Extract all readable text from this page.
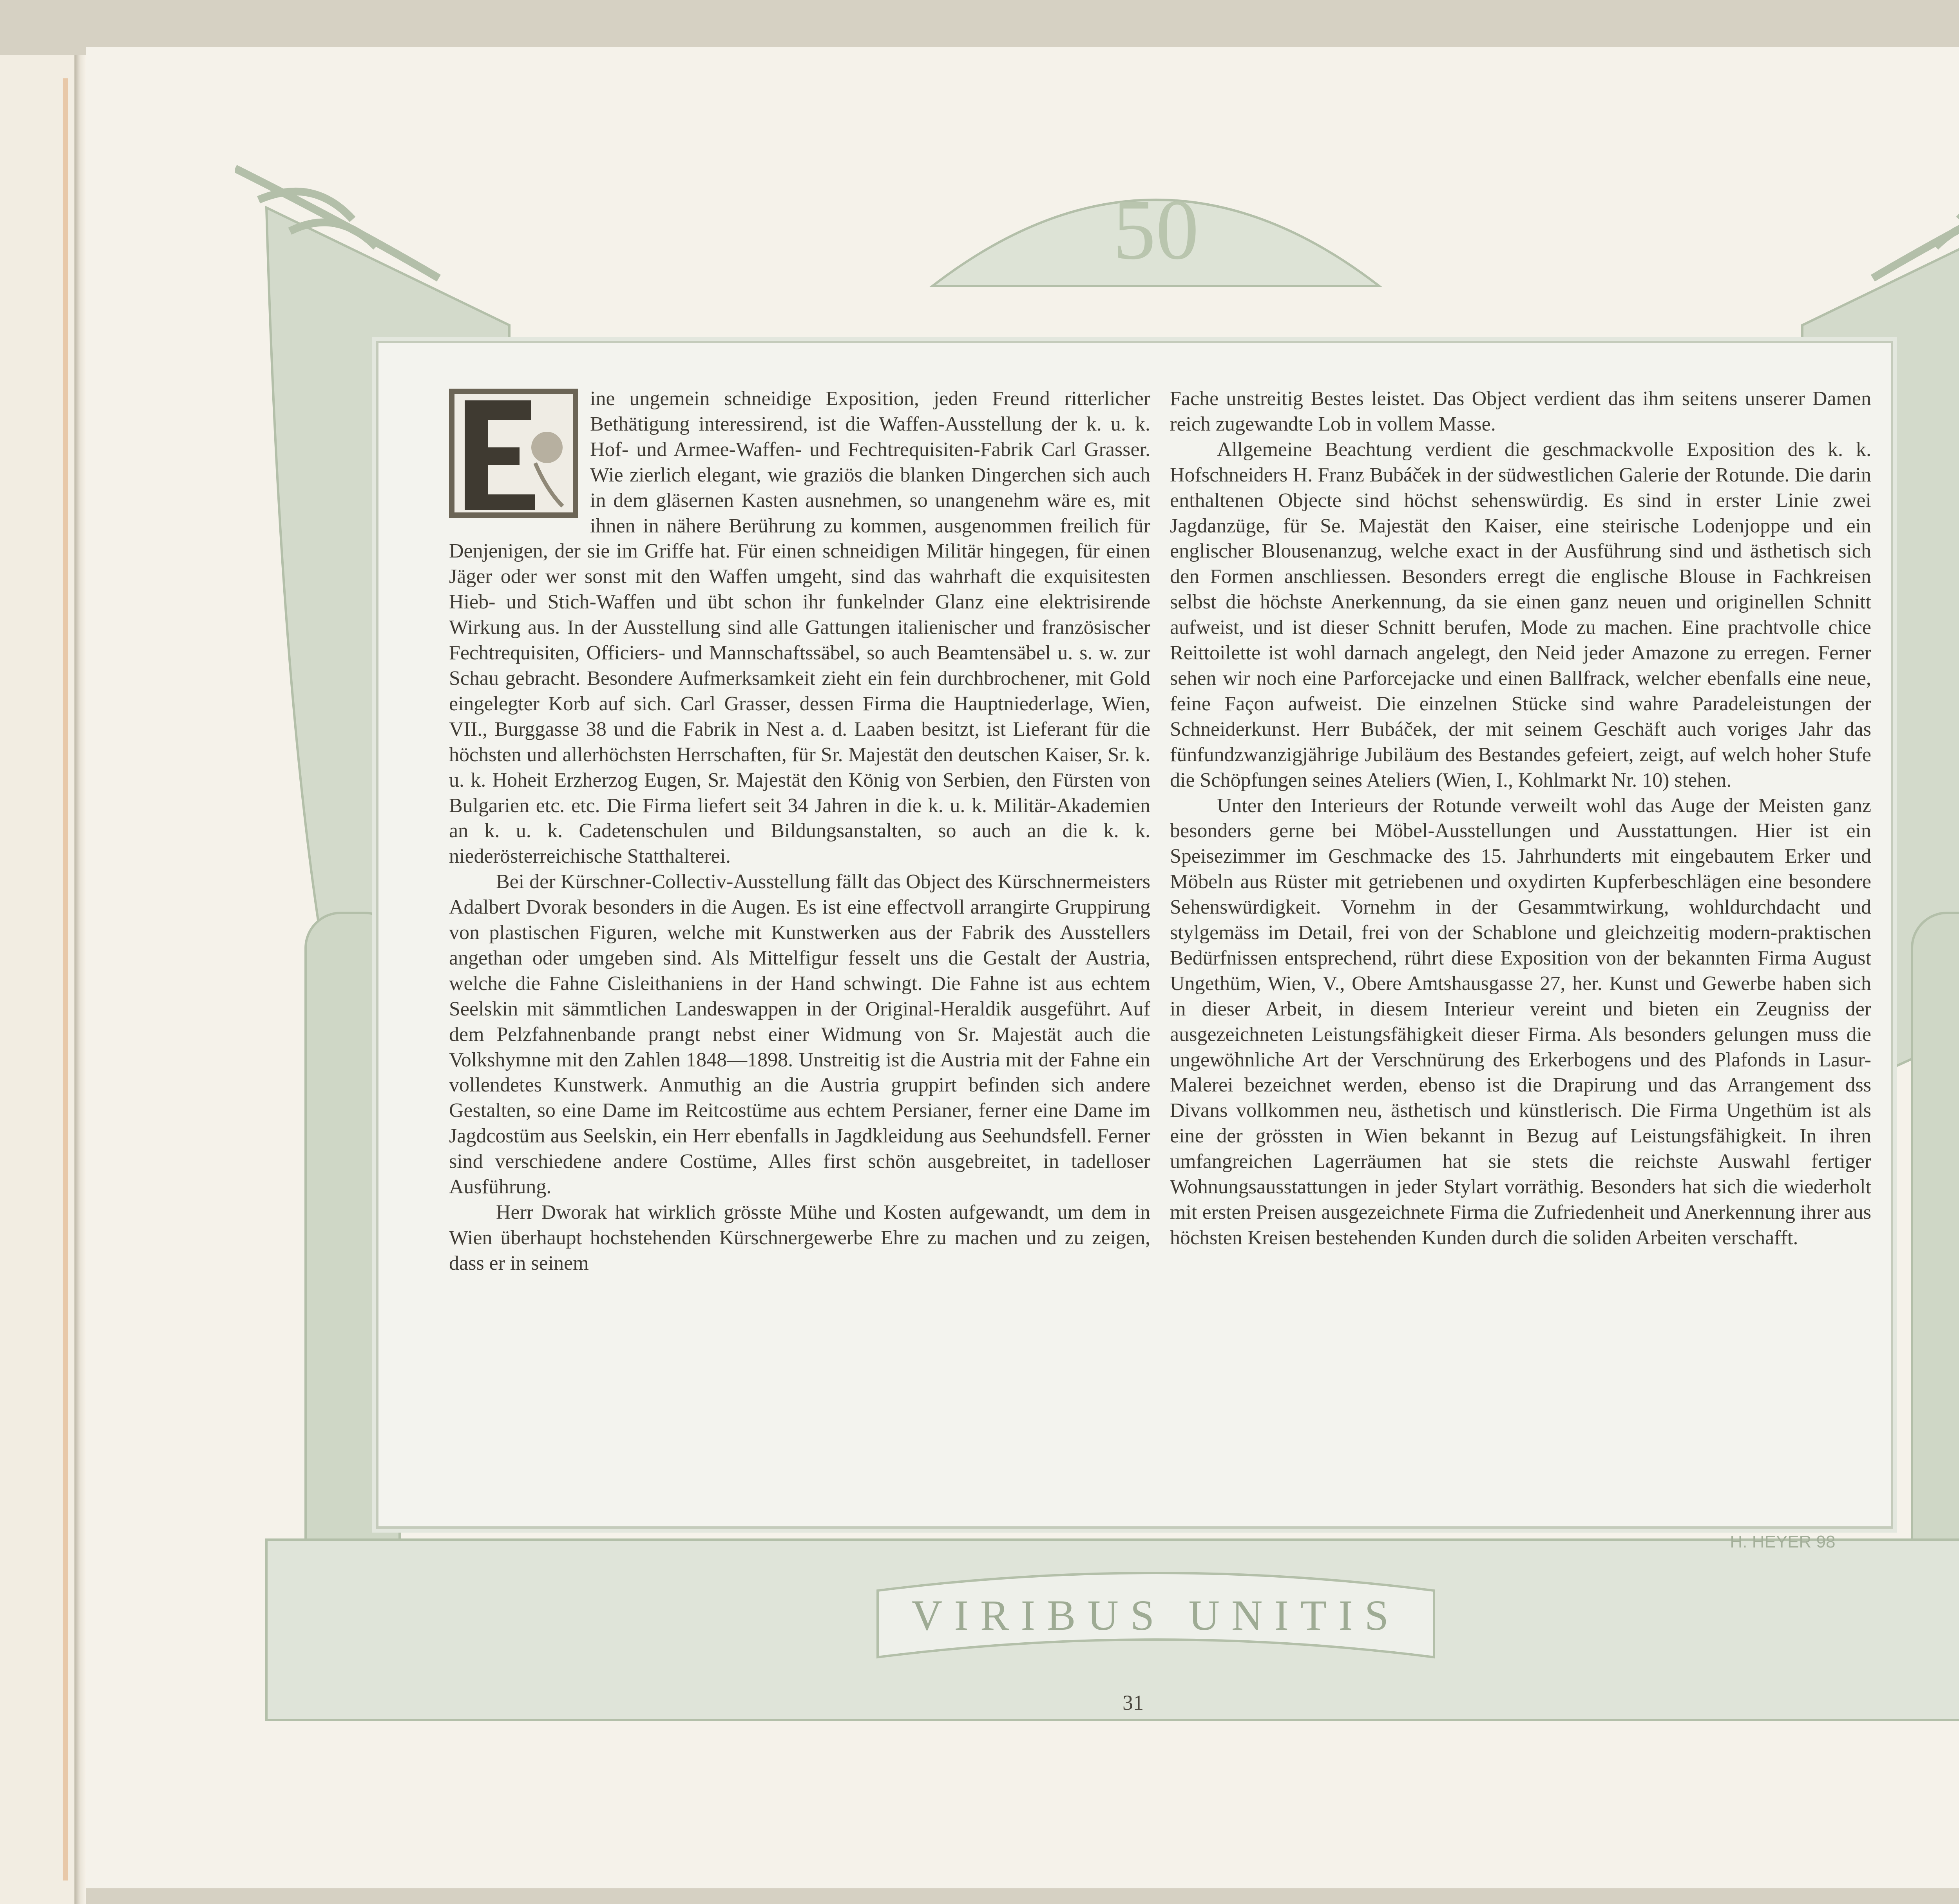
50
VIRIBUS UNITIS
H. HEYER 98

ine ungemein schneidige Exposition, jeden Freund ritterlicher Bethätigung interessirend, ist die Waffen-Ausstellung der k. u. k. Hof- und Armee-Waffen- und Fechtrequisiten-Fabrik Carl Grasser. Wie zierlich elegant, wie graziös die blanken Dingerchen sich auch in dem gläsernen Kasten ausnehmen, so unangenehm wäre es, mit ihnen in nähere Berührung zu kommen, ausgenommen freilich für Denjenigen, der sie im Griffe hat. Für einen schneidigen Militär hingegen, für einen Jäger oder wer sonst mit den Waffen umgeht, sind das wahrhaft die exquisitesten Hieb- und Stich-Waffen und übt schon ihr funkelnder Glanz eine elektrisirende Wirkung aus. In der Ausstellung sind alle Gattungen italienischer und französischer Fechtrequisiten, Officiers- und Mannschaftssäbel, so auch Beamtensäbel u. s. w. zur Schau gebracht. Besondere Aufmerksamkeit zieht ein fein durchbrochener, mit Gold eingelegter Korb auf sich. Carl Grasser, dessen Firma die Hauptniederlage, Wien, VII., Burggasse 38 und die Fabrik in Nest a. d. Laaben besitzt, ist Lieferant für die höchsten und allerhöchsten Herrschaften, für Sr. Majestät den deutschen Kaiser, Sr. k. u. k. Hoheit Erzherzog Eugen, Sr. Majestät den König von Serbien, den Fürsten von Bulgarien etc. etc. Die Firma liefert seit 34 Jahren in die k. u. k. Militär-Akademien an k. u. k. Cadetenschulen und Bildungsanstalten, so auch an die k. k. niederösterreichische Statthalterei.

Bei der Kürschner-Collectiv-Ausstellung fällt das Object des Kürschnermeisters Adalbert Dvorak besonders in die Augen. Es ist eine effectvoll arrangirte Gruppirung von plastischen Figuren, welche mit Kunstwerken aus der Fabrik des Ausstellers angethan oder umgeben sind. Als Mittelfigur fesselt uns die Gestalt der Austria, welche die Fahne Cisleithaniens in der Hand schwingt. Die Fahne ist aus echtem Seelskin mit sämmtlichen Landeswappen in der Original-Heraldik ausgeführt. Auf dem Pelzfahnenbande prangt nebst einer Widmung von Sr. Majestät auch die Volkshymne mit den Zahlen 1848—1898. Unstreitig ist die Austria mit der Fahne ein vollendetes Kunstwerk. Anmuthig an die Austria gruppirt befinden sich andere Gestalten, so eine Dame im Reitcostüme aus echtem Persianer, ferner eine Dame im Jagdcostüm aus Seelskin, ein Herr ebenfalls in Jagdkleidung aus Seehundsfell. Ferner sind verschiedene andere Costüme, Alles first schön ausgebreitet, in tadelloser Ausführung.

Herr Dworak hat wirklich grösste Mühe und Kosten aufgewandt, um dem in Wien überhaupt hochstehenden Kürschnergewerbe Ehre zu machen und zu zeigen, dass er in seinem

Fache unstreitig Bestes leistet. Das Object verdient das ihm seitens unserer Damen reich zugewandte Lob in vollem Masse.

Allgemeine Beachtung verdient die geschmackvolle Exposition des k. k. Hofschneiders H. Franz Bubáček in der südwestlichen Galerie der Rotunde. Die darin enthaltenen Objecte sind höchst sehenswürdig. Es sind in erster Linie zwei Jagdanzüge, für Se. Majestät den Kaiser, eine steirische Lodenjoppe und ein englischer Blousenanzug, welche exact in der Ausführung sind und ästhetisch sich den Formen anschliessen. Besonders erregt die englische Blouse in Fachkreisen selbst die höchste Anerkennung, da sie einen ganz neuen und originellen Schnitt aufweist, und ist dieser Schnitt berufen, Mode zu machen. Eine prachtvolle chice Reittoilette ist wohl darnach angelegt, den Neid jeder Amazone zu erregen. Ferner sehen wir noch eine Parforcejacke und einen Ballfrack, welcher ebenfalls eine neue, feine Façon aufweist. Die einzelnen Stücke sind wahre Paradeleistungen der Schneiderkunst. Herr Bubáček, der mit seinem Geschäft auch voriges Jahr das fünfundzwanzigjährige Jubiläum des Bestandes gefeiert, zeigt, auf welch hoher Stufe die Schöpfungen seines Ateliers (Wien, I., Kohlmarkt Nr. 10) stehen.

Unter den Interieurs der Rotunde verweilt wohl das Auge der Meisten ganz besonders gerne bei Möbel-Ausstellungen und Ausstattungen. Hier ist ein Speisezimmer im Geschmacke des 15. Jahrhunderts mit eingebautem Erker und Möbeln aus Rüster mit getriebenen und oxydirten Kupferbeschlägen eine besondere Sehenswürdigkeit. Vornehm in der Gesammtwirkung, wohldurchdacht und stylgemäss im Detail, frei von der Schablone und gleichzeitig modern-praktischen Bedürfnissen entsprechend, rührt diese Exposition von der bekannten Firma August Ungethüm, Wien, V., Obere Amtshausgasse 27, her. Kunst und Gewerbe haben sich in dieser Arbeit, in diesem Interieur vereint und bieten ein Zeugniss der ausgezeichneten Leistungsfähigkeit dieser Firma. Als besonders gelungen muss die ungewöhnliche Art der Verschnürung des Erkerbogens und des Plafonds in Lasur-Malerei bezeichnet werden, ebenso ist die Drapirung und das Arrangement dss Divans vollkommen neu, ästhetisch und künstlerisch. Die Firma Ungethüm ist als eine der grössten in Wien bekannt in Bezug auf Leistungsfähigkeit. In ihren umfangreichen Lagerräumen hat sie stets die reichste Auswahl fertiger Wohnungsausstattungen in jeder Stylart vorräthig. Besonders hat sich die wiederholt mit ersten Preisen ausgezeichnete Firma die Zufriedenheit und Anerkennung ihrer aus höchsten Kreisen bestehenden Kunden durch die soliden Arbeiten verschafft.

31
